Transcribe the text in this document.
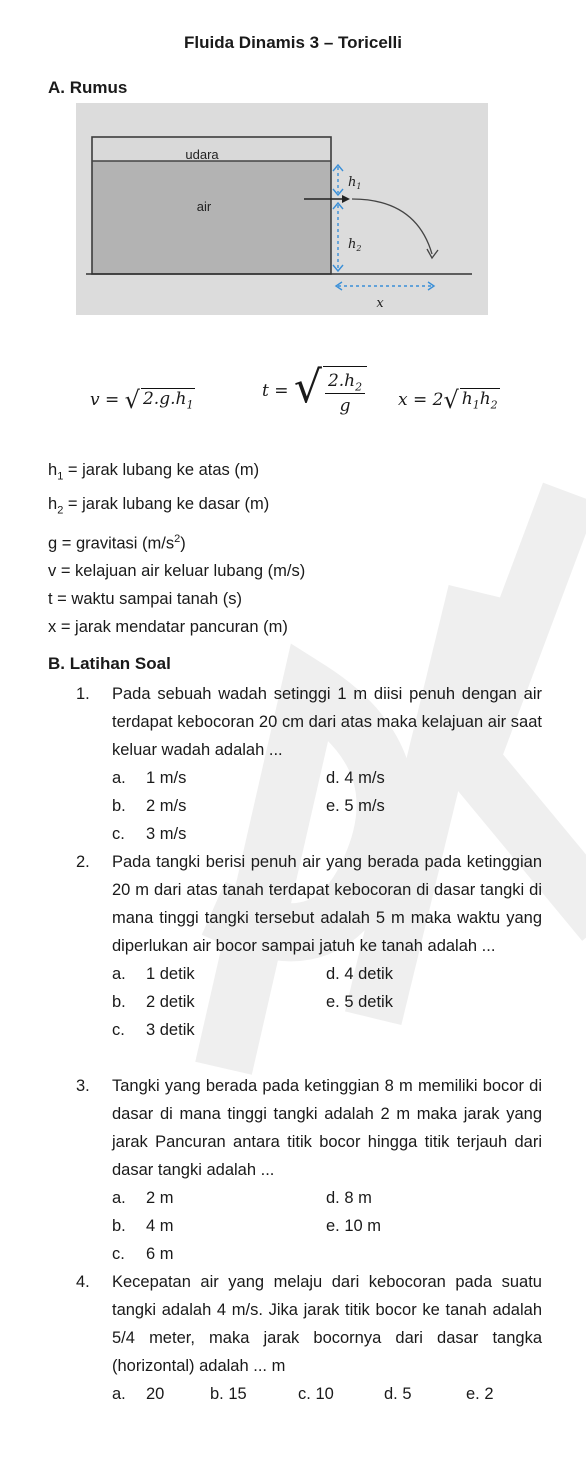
Fluida Dinamis 3 – Toricelli
A. Rumus
udara
air
$h_1$
$h_2$
x
v =
√ $2.g.h_1$
t =
√ $\frac{2.h_2}{g}$ x = 2 √ $h_1h_2$
$h_1$ = jarak lubang ke atas (m)
$h_2$ = jarak lubang ke dasar (m)
g = gravitasi $(m/s^2)$
v = kelajuan air keluar lubang (m/s)
t = waktu sampai tanah (s)
x = jarak mendatar pancuran (m)
B. Latihan Soal
1.	Pada sebuah wadah setinggi 1 m diisi penuh dengan air terdapat kebocoran 20 cm dari atas maka kelajuan air saat keluar wadah adalah ...
a. 1 m/s	d. 4 m/s
b. 2 m/s	e. 5 m/s
c. 3 m/s
2.	Pada tangki berisi penuh air yang berada pada ketinggian 20 m dari atas tanah terdapat kebocoran di dasar tangki di mana tinggi tangki tersebut adalah 5 m maka waktu yang diperlukan air bocor sampai jatuh ke tanah adalah ...
a. 1 detik	d. 4 detik
b. 2 detik	e. 5 detik
c. 3 detik
3.	Tangki yang berada pada ketinggian 8 m memiliki bocor di dasar di mana tinggi tangki adalah 2 m maka jarak yang jarak Pancuran antara titik bocor hingga titik terjauh dari dasar tangki adalah ...
a. 2 m	d. 8 m
b. 4 m	e. 10 m
c. 6 m
4.	Kecepatan air yang melaju dari kebocoran pada suatu tangki adalah 4 m/s. Jika jarak titik bocor ke tanah adalah 5/4 meter, maka jarak bocornya dari dasar tangka (horizontal) adalah ... m
a. 20	b. 15	c. 10	d. 5	e. 2
